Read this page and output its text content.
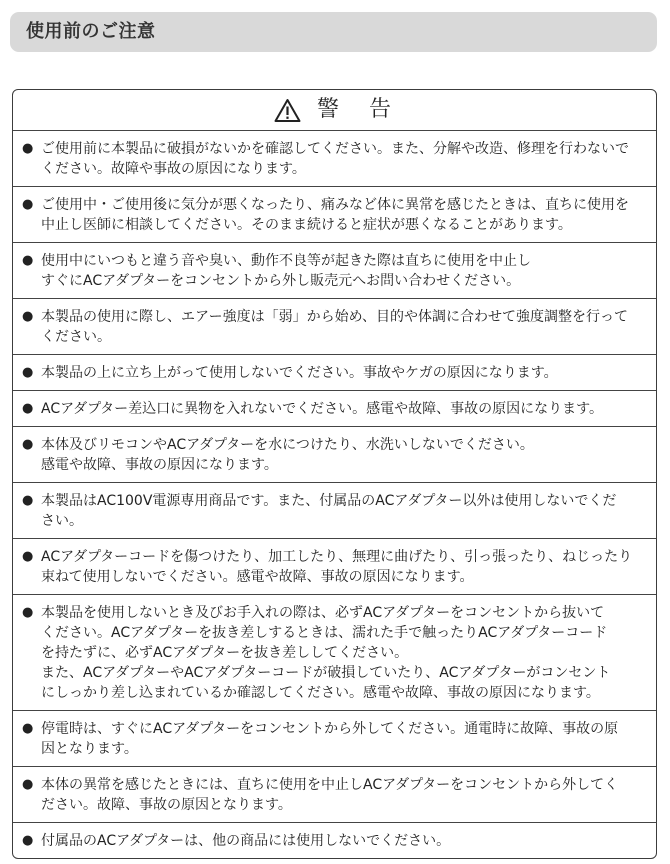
使用前のご注意
警　告
● ご使用前に本製品に破損がないかを確認してください。また、分解や改造、修理を行わないで
ください。故障や事故の原因になります。
● ご使用中・ご使用後に気分が悪くなったり、痛みなど体に異常を感じたときは、直ちに使用を
中止し医師に相談してください。そのまま続けると症状が悪くなることがあります。
● 使用中にいつもと違う音や臭い、動作不良等が起きた際は直ちに使用を中止し
すぐにACアダプターをコンセントから外し販売元へお問い合わせください。
● 本製品の使用に際し、エアー強度は「弱」から始め、目的や体調に合わせて強度調整を行って
ください。
● 本製品の上に立ち上がって使用しないでください。事故やケガの原因になります。
● ACアダプター差込口に異物を入れないでください。感電や故障、事故の原因になります。
● 本体及びリモコンやACアダプターを水につけたり、水洗いしないでください。
感電や故障、事故の原因になります。
● 本製品はAC100V電源専用商品です。また、付属品のACアダプター以外は使用しないでくだ
さい。
● ACアダプターコードを傷つけたり、加工したり、無理に曲げたり、引っ張ったり、ねじったり
束ねて使用しないでください。感電や故障、事故の原因になります。
● 本製品を使用しないとき及びお手入れの際は、必ずACアダプターをコンセントから抜いて
ください。ACアダプターを抜き差しするときは、濡れた手で触ったりACアダプターコード
を持たずに、必ずACアダプターを抜き差ししてください。
また、ACアダプターやACアダプターコードが破損していたり、ACアダプターがコンセント
にしっかり差し込まれているか確認してください。感電や故障、事故の原因になります。
● 停電時は、すぐにACアダプターをコンセントから外してください。通電時に故障、事故の原
因となります。
● 本体の異常を感じたときには、直ちに使用を中止しACアダプターをコンセントから外してく
ださい。故障、事故の原因となります。
● 付属品のACアダプターは、他の商品には使用しないでください。
